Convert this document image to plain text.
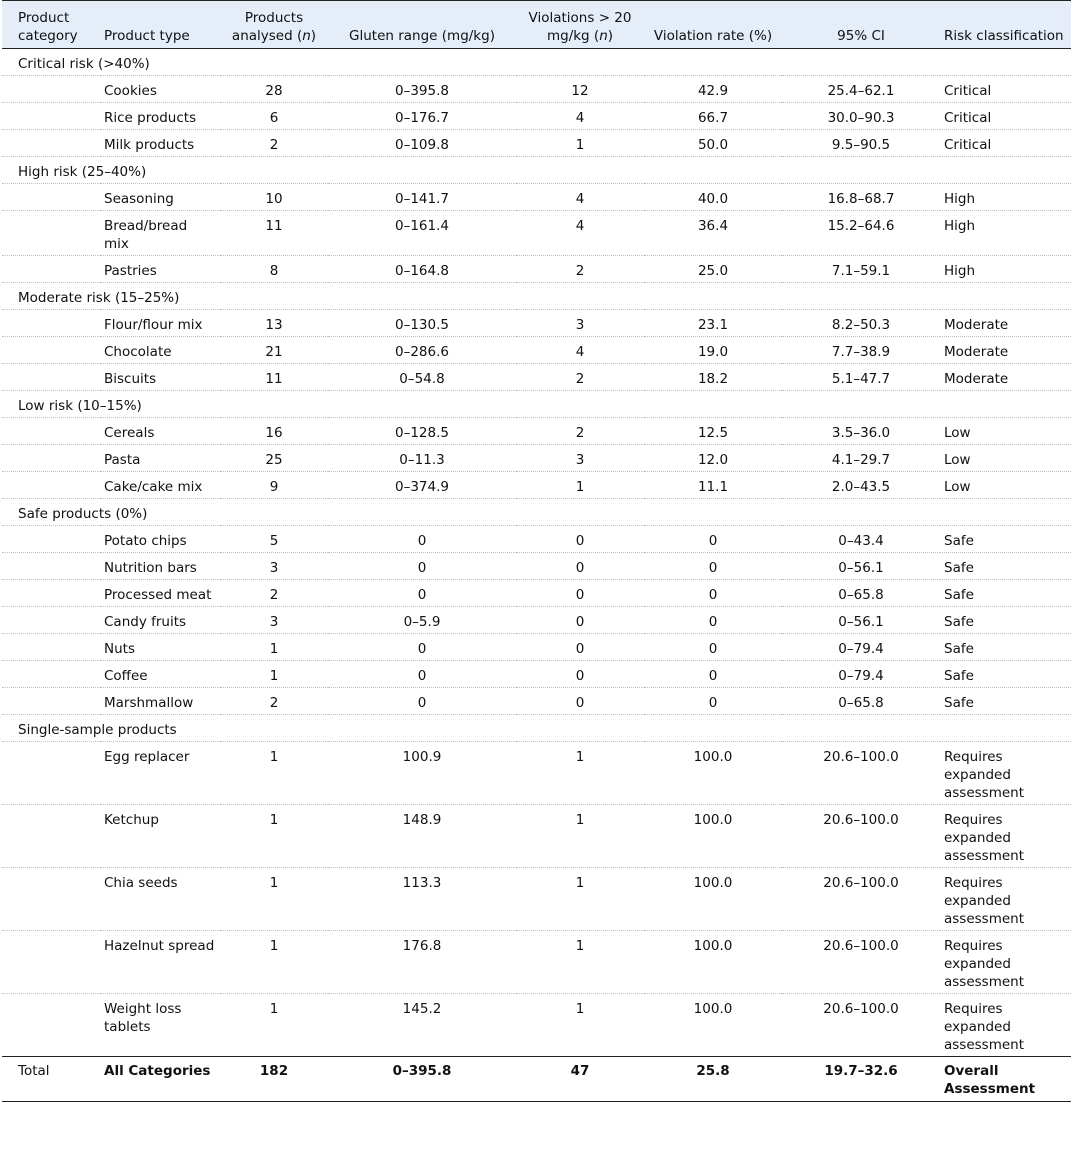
Product category	Product type	Products analysed (n)	Gluten range (mg/kg)	Violations > 20 mg/kg (n)	Violation rate (%)	95% CI	Risk classification
Critical risk (>40%)							
	Cookies	28	0–395.8	12	42.9	25.4–62.1	Critical
	Rice products	6	0–176.7	4	66.7	30.0–90.3	Critical
	Milk products	2	0–109.8	1	50.0	9.5–90.5	Critical
High risk (25–40%)							
	Seasoning	10	0–141.7	4	40.0	16.8–68.7	High
	Bread/bread mix	11	0–161.4	4	36.4	15.2–64.6	High
	Pastries	8	0–164.8	2	25.0	7.1–59.1	High
Moderate risk (15–25%)							
	Flour/flour mix	13	0–130.5	3	23.1	8.2–50.3	Moderate
	Chocolate	21	0–286.6	4	19.0	7.7–38.9	Moderate
	Biscuits	11	0–54.8	2	18.2	5.1–47.7	Moderate
Low risk (10–15%)							
	Cereals	16	0–128.5	2	12.5	3.5–36.0	Low
	Pasta	25	0–11.3	3	12.0	4.1–29.7	Low
	Cake/cake mix	9	0–374.9	1	11.1	2.0–43.5	Low
Safe products (0%)							
	Potato chips	5	0	0	0	0–43.4	Safe
	Nutrition bars	3	0	0	0	0–56.1	Safe
	Processed meat	2	0	0	0	0–65.8	Safe
	Candy fruits	3	0–5.9	0	0	0–56.1	Safe
	Nuts	1	0	0	0	0–79.4	Safe
	Coffee	1	0	0	0	0–79.4	Safe
	Marshmallow	2	0	0	0	0–65.8	Safe
Single-sample products							
	Egg replacer	1	100.9	1	100.0	20.6–100.0	Requires expanded assessment
	Ketchup	1	148.9	1	100.0	20.6–100.0	Requires expanded assessment
	Chia seeds	1	113.3	1	100.0	20.6–100.0	Requires expanded assessment
	Hazelnut spread	1	176.8	1	100.0	20.6–100.0	Requires expanded assessment
	Weight loss tablets	1	145.2	1	100.0	20.6–100.0	Requires expanded assessment
Total	All Categories	182	0–395.8	47	25.8	19.7–32.6	Overall Assessment
